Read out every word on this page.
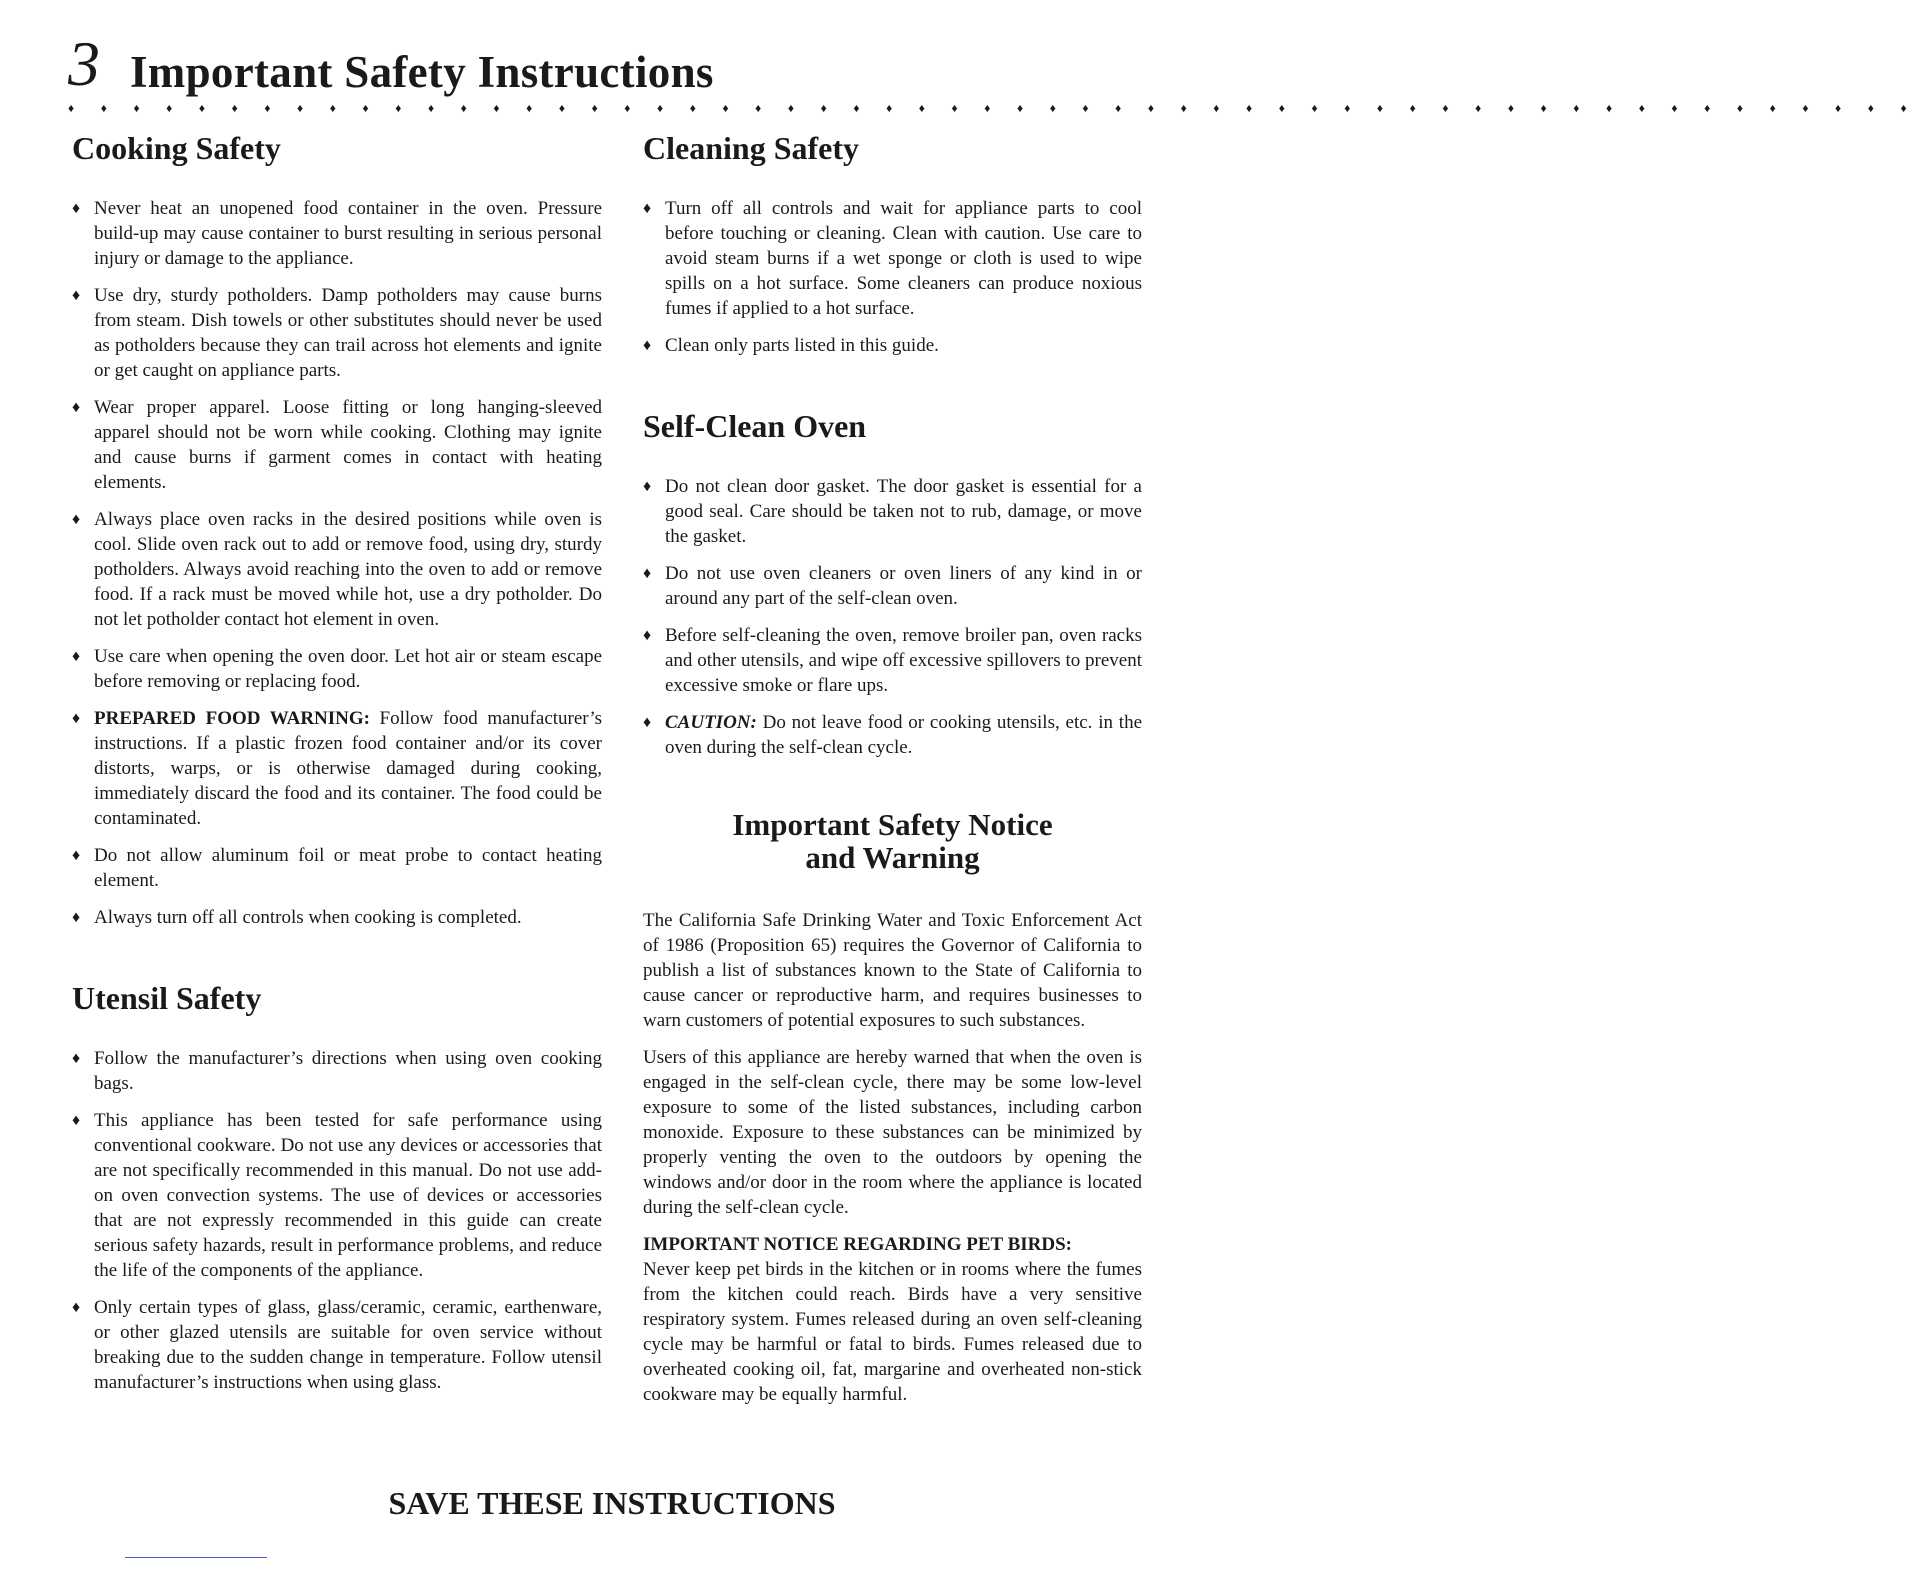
3 Important Safety Instructions
♦ ♦ ♦ ♦ ♦ ♦ ♦ ♦ ♦ ♦ ♦ ♦ ♦ ♦ ♦ ♦ ♦ ♦ ♦ ♦ ♦ ♦ ♦ ♦ ♦ ♦ ♦ ♦ ♦ ♦ ♦ ♦ ♦ ♦ ♦ ♦ ♦ ♦ ♦ ♦ ♦ ♦ ♦ ♦ ♦ ♦ ♦ ♦ ♦ ♦ ♦ ♦ ♦ ♦ ♦ ♦ ♦
Cooking Safety
♦ Never heat an unopened food container in the oven. Pressure build-up may cause container to burst resulting in serious personal injury or damage to the appliance.
♦ Use dry, sturdy potholders. Damp potholders may cause burns from steam. Dish towels or other substitutes should never be used as potholders because they can trail across hot elements and ignite or get caught on appliance parts.
♦ Wear proper apparel. Loose fitting or long hanging-sleeved apparel should not be worn while cooking. Clothing may ignite and cause burns if garment comes in contact with heating elements.
♦ Always place oven racks in the desired positions while oven is cool. Slide oven rack out to add or remove food, using dry, sturdy potholders. Always avoid reaching into the oven to add or remove food. If a rack must be moved while hot, use a dry potholder. Do not let potholder contact hot element in oven.
♦ Use care when opening the oven door. Let hot air or steam escape before removing or replacing food.
♦ PREPARED FOOD WARNING: Follow food manufacturer’s instructions. If a plastic frozen food container and/or its cover distorts, warps, or is otherwise damaged during cooking, immediately discard the food and its container. The food could be contaminated.
♦ Do not allow aluminum foil or meat probe to contact heating element.
♦ Always turn off all controls when cooking is completed.
Utensil Safety
♦ Follow the manufacturer’s directions when using oven cooking bags.
♦ This appliance has been tested for safe performance using conventional cookware. Do not use any devices or accessories that are not specifically recommended in this manual. Do not use add-on oven convection systems. The use of devices or accessories that are not expressly recommended in this guide can create serious safety hazards, result in performance problems, and reduce the life of the components of the appliance.
♦ Only certain types of glass, glass/ceramic, ceramic, earthenware, or other glazed utensils are suitable for oven service without breaking due to the sudden change in temperature. Follow utensil manufacturer’s instructions when using glass.
Cleaning Safety
♦ Turn off all controls and wait for appliance parts to cool before touching or cleaning. Clean with caution. Use care to avoid steam burns if a wet sponge or cloth is used to wipe spills on a hot surface. Some cleaners can produce noxious fumes if applied to a hot surface.
♦ Clean only parts listed in this guide.
Self-Clean Oven
♦ Do not clean door gasket. The door gasket is essential for a good seal. Care should be taken not to rub, damage, or move the gasket.
♦ Do not use oven cleaners or oven liners of any kind in or around any part of the self-clean oven.
♦ Before self-cleaning the oven, remove broiler pan, oven racks and other utensils, and wipe off excessive spillovers to prevent excessive smoke or flare ups.
♦ CAUTION: Do not leave food or cooking utensils, etc. in the oven during the self-clean cycle.
Important Safety Notice
and Warning

The California Safe Drinking Water and Toxic Enforcement Act of 1986 (Proposition 65) requires the Governor of California to publish a list of substances known to the State of California to cause cancer or reproductive harm, and requires businesses to warn customers of potential exposures to such substances.

Users of this appliance are hereby warned that when the oven is engaged in the self-clean cycle, there may be some low-level exposure to some of the listed substances, including carbon monoxide. Exposure to these substances can be minimized by properly venting the oven to the outdoors by opening the windows and/or door in the room where the appliance is located during the self-clean cycle.

IMPORTANT NOTICE REGARDING PET BIRDS:
Never keep pet birds in the kitchen or in rooms where the fumes from the kitchen could reach. Birds have a very sensitive respiratory system. Fumes released during an oven self-cleaning cycle may be harmful or fatal to birds. Fumes released due to overheated cooking oil, fat, margarine and overheated non-stick cookware may be equally harmful.

SAVE THESE INSTRUCTIONS
